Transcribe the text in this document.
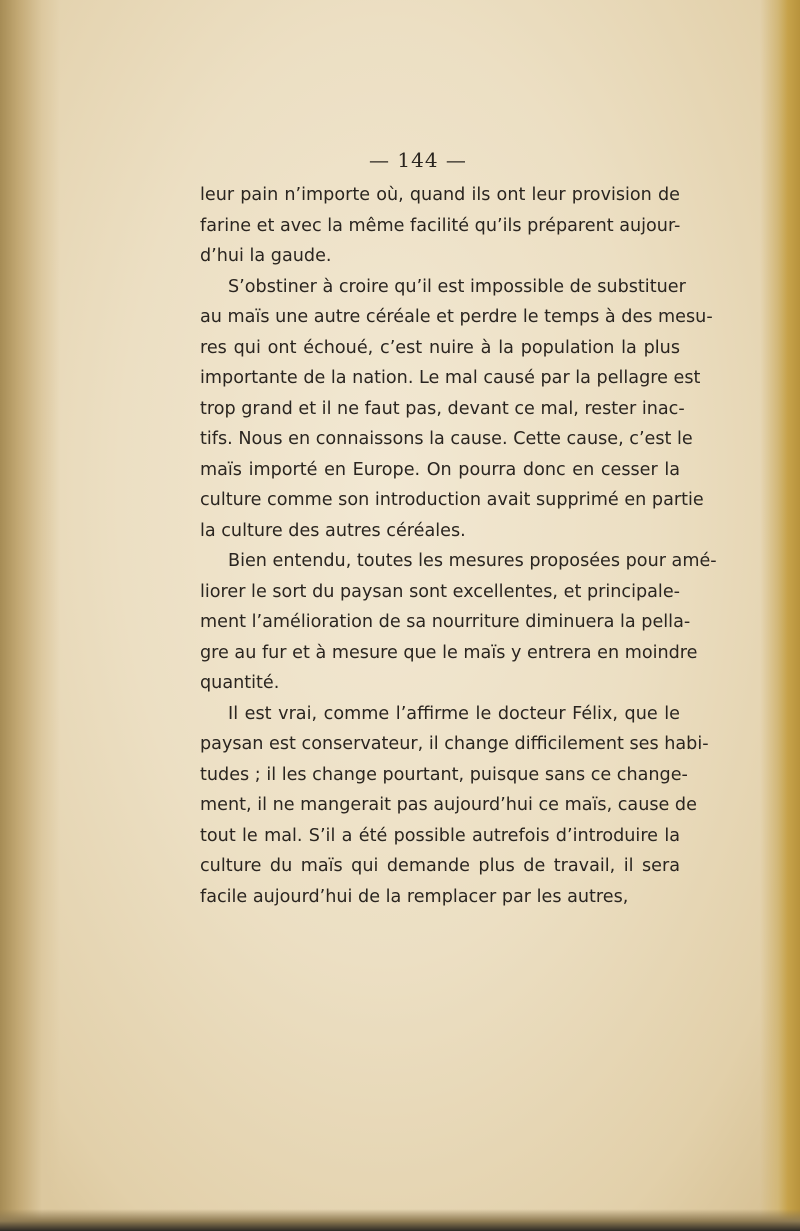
— 144 —
leur pain n’importe où, quand ils ont leur provision de
farine et avec la même facilité qu’ils préparent aujour-
d’hui la gaude.
S’obstiner à croire qu’il est impossible de substituer
au maïs une autre céréale et perdre le temps à des mesu-
res qui ont échoué, c’est nuire à la population la plus
importante de la nation. Le mal causé par la pellagre est
trop grand et il ne faut pas, devant ce mal, rester inac-
tifs. Nous en connaissons la cause. Cette cause, c’est le
maïs importé en Europe. On pourra donc en cesser la
culture comme son introduction avait supprimé en partie
la culture des autres céréales.
Bien entendu, toutes les mesures proposées pour amé-
liorer le sort du paysan sont excellentes, et principale-
ment l’amélioration de sa nourriture diminuera la pella-
gre au fur et à mesure que le maïs y entrera en moindre
quantité.
Il est vrai, comme l’affirme le docteur Félix, que le
paysan est conservateur, il change difficilement ses habi-
tudes ; il les change pourtant, puisque sans ce change-
ment, il ne mangerait pas aujourd’hui ce maïs, cause de
tout le mal. S’il a été possible autrefois d’introduire la
culture du maïs qui demande plus de travail, il sera
facile aujourd’hui de la remplacer par les autres,
